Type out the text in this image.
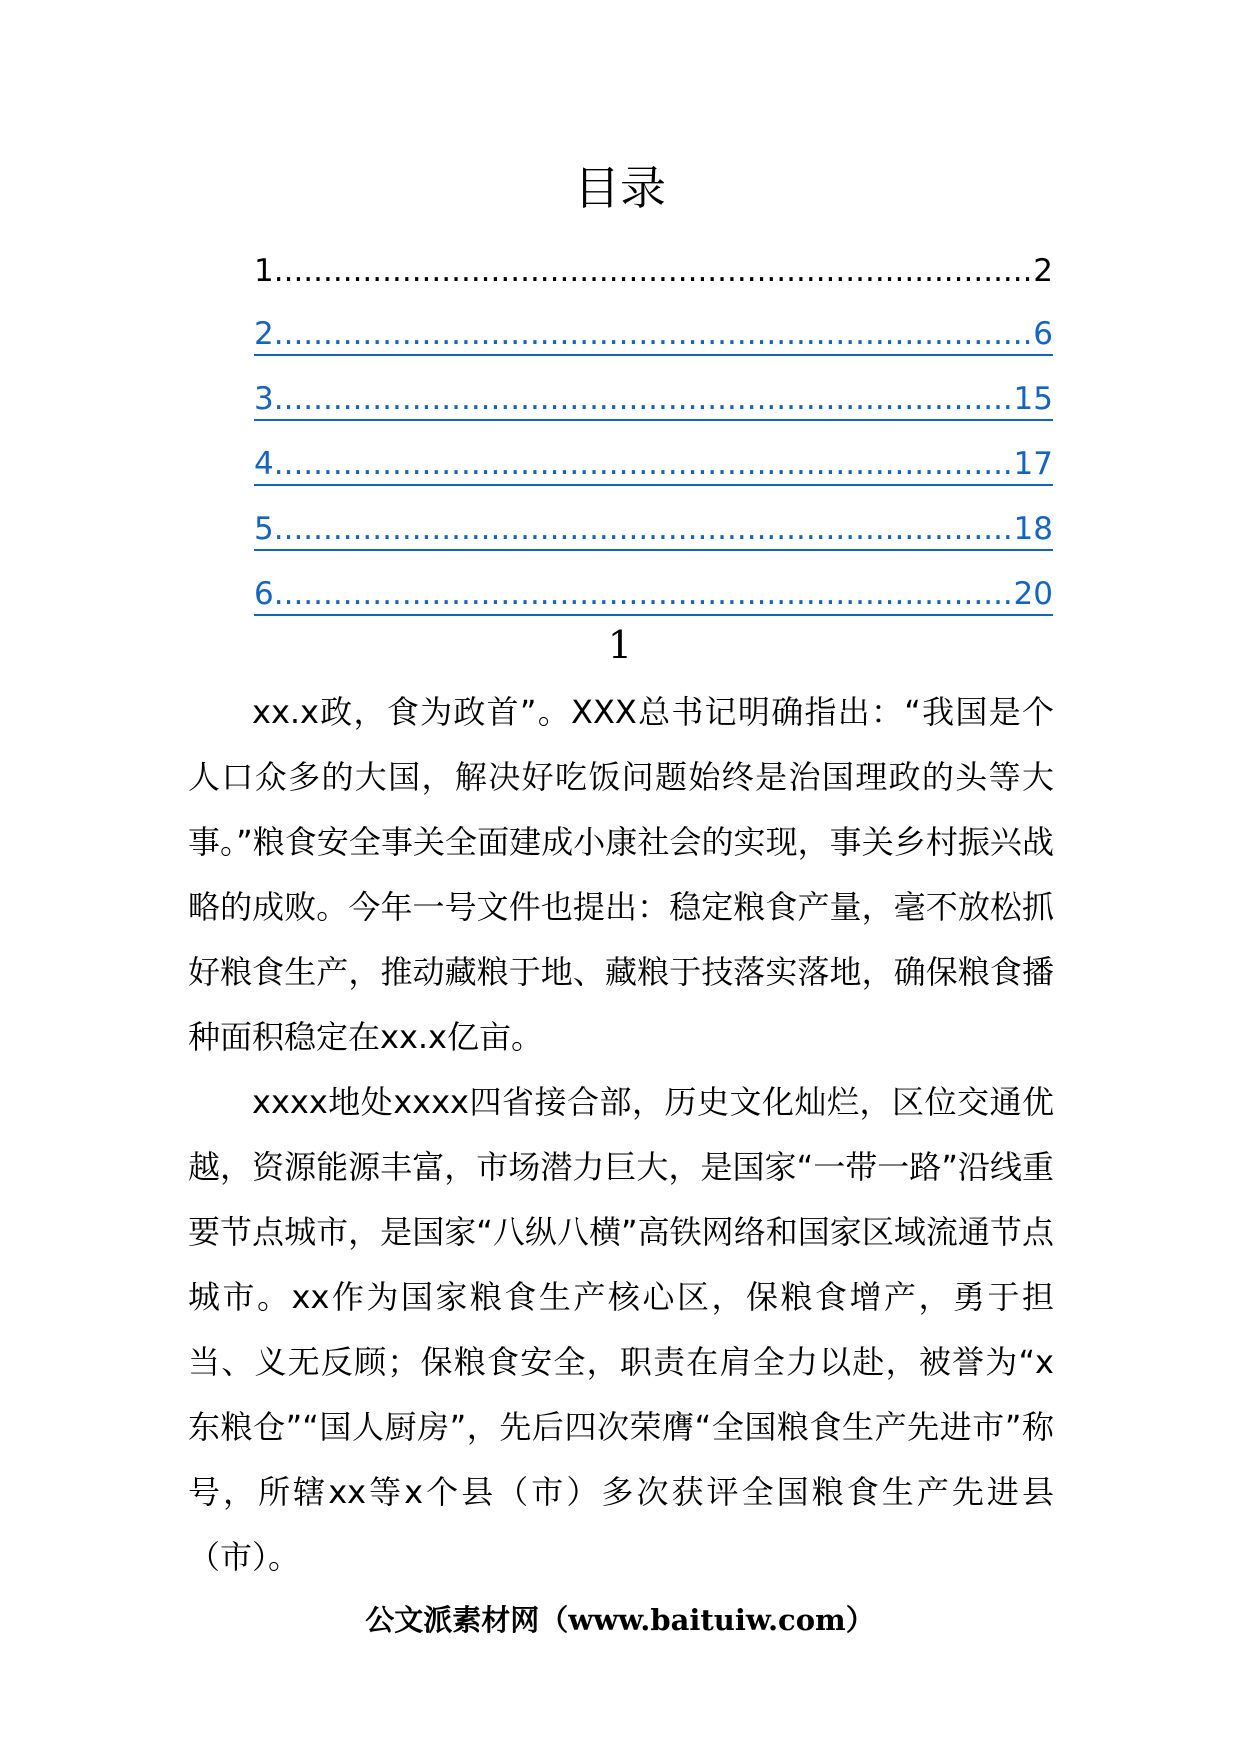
目录
1 .....	2
2 .....	6
3 .....	15
4 .....	17
5 .....	18
6 .....	20
1

xx.x政，食为政首”。XXX总书记明确指出：“我国是个人口众多的大国，解决好吃饭问题始终是治国理政的头等大事。”粮食安全事关全面建成小康社会的实现，事关乡村振兴战略的成败。今年一号文件也提出：稳定粮食产量，毫不放松抓好粮食生产，推动藏粮于地、藏粮于技落实落地，确保粮食播种面积稳定在xx.x亿亩。

xxxx地处xxxx四省接合部，历史文化灿烂，区位交通优越，资源能源丰富，市场潜力巨大，是国家“一带一路”沿线重要节点城市，是国家“八纵八横”高铁网络和国家区域流通节点城市。xx作为国家粮食生产核心区，保粮食增产，勇于担当、义无反顾；保粮食安全，职责在肩全力以赴，被誉为“x东粮仓”“国人厨房”，先后四次荣膺“全国粮食生产先进市”称号，所辖xx等x个县（市）多次获评全国粮食生产先进县（市）。

公文派素材网（www.baituiw.com）
